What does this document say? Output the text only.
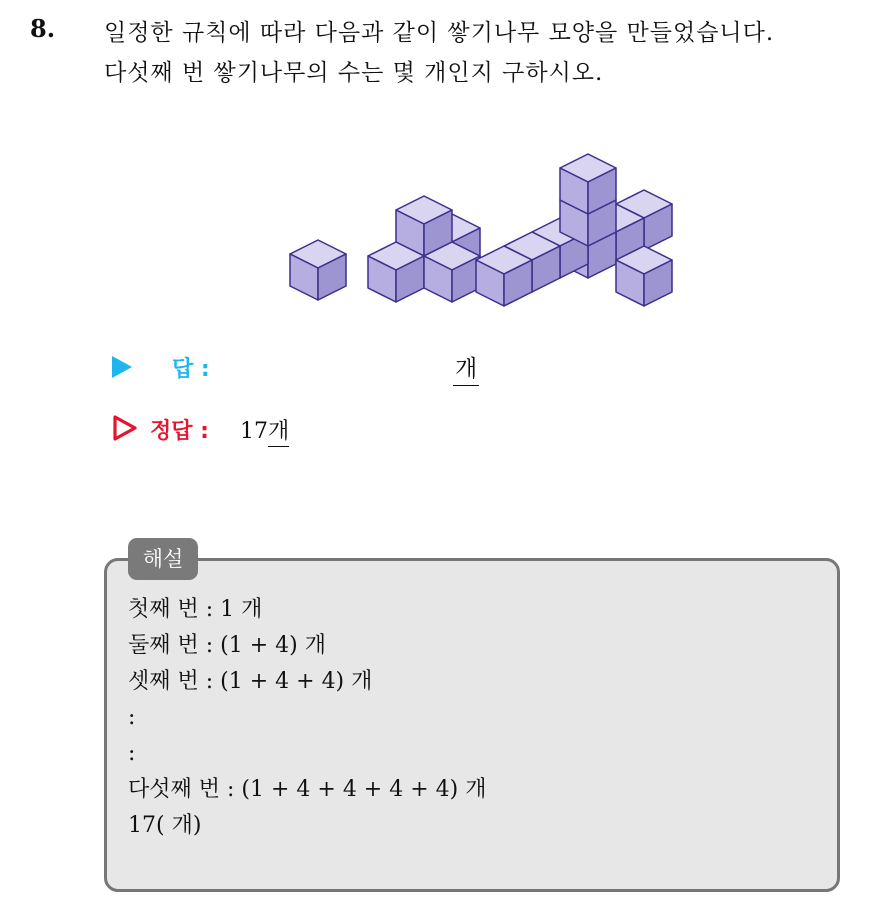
8. 일정한 규칙에 따라 다음과 같이 쌓기나무 모양을 만들었습니다.
다섯째 번 쌓기나무의 수는 몇 개인지 구하시오.
답 :	개
정답 : 17개
해설
첫째 번 : 1 개
둘째 번 : (1 + 4) 개
셋째 번 : (1 + 4 + 4) 개
:
:
다섯째 번 : (1 + 4 + 4 + 4 + 4) 개
17( 개)
